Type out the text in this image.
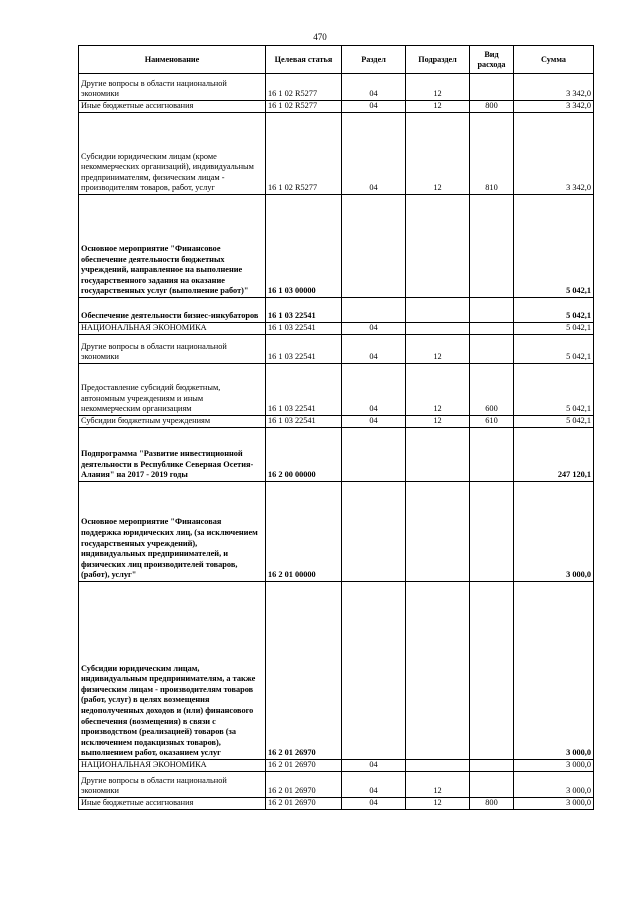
470
Наименование	Целевая статья	Раздел	Подраздел	Вид расхода	Сумма
Другие вопросы в области национальной экономики	16 1 02 R5277	04	12		3 342,0
Иные бюджетные ассигнования	16 1 02 R5277	04	12	800	3 342,0
Субсидии юридическим лицам (кроме некоммерческих организаций), индивидуальным предпринимателям, физическим лицам - производителям товаров, работ, услуг	16 1 02 R5277	04	12	810	3 342,0
Основное мероприятие "Финансовое обеспечение деятельности бюджетных учреждений, направленное на выполнение государственного задания на оказание государственных услуг (выполнение работ)"	16 1 03 00000				5 042,1
Обеспечение деятельности бизнес-инкубаторов	16 1 03 22541				5 042,1
НАЦИОНАЛЬНАЯ ЭКОНОМИКА	16 1 03 22541	04			5 042,1
Другие вопросы в области национальной экономики	16 1 03 22541	04	12		5 042,1
Предоставление субсидий бюджетным, автономным учреждениям и иным некоммерческим организациям	16 1 03 22541	04	12	600	5 042,1
Субсидии бюджетным учреждениям	16 1 03 22541	04	12	610	5 042,1
Подпрограмма "Развитие инвестиционной деятельности в Республике Северная Осетия-Алания" на 2017 - 2019 годы	16 2 00 00000				247 120,1
Основное мероприятие "Финансовая поддержка юридических лиц, (за исключением государственных учреждений), индивидуальных предпринимателей, и физических лиц производителей товаров, (работ), услуг"	16 2 01 00000				3 000,0
Субсидии юридическим лицам, индивидуальным предпринимателям, а также физическим лицам - производителям товаров (работ, услуг) в целях возмещения недополученных доходов и (или) финансового обеспечения (возмещения) в связи с производством (реализацией) товаров (за исключением подакцизных товаров), выполнением работ, оказанием услуг	16 2 01 26970				3 000,0
НАЦИОНАЛЬНАЯ ЭКОНОМИКА	16 2 01 26970	04			3 000,0
Другие вопросы в области национальной экономики	16 2 01 26970	04	12		3 000,0
Иные бюджетные ассигнования	16 2 01 26970	04	12	800	3 000,0
